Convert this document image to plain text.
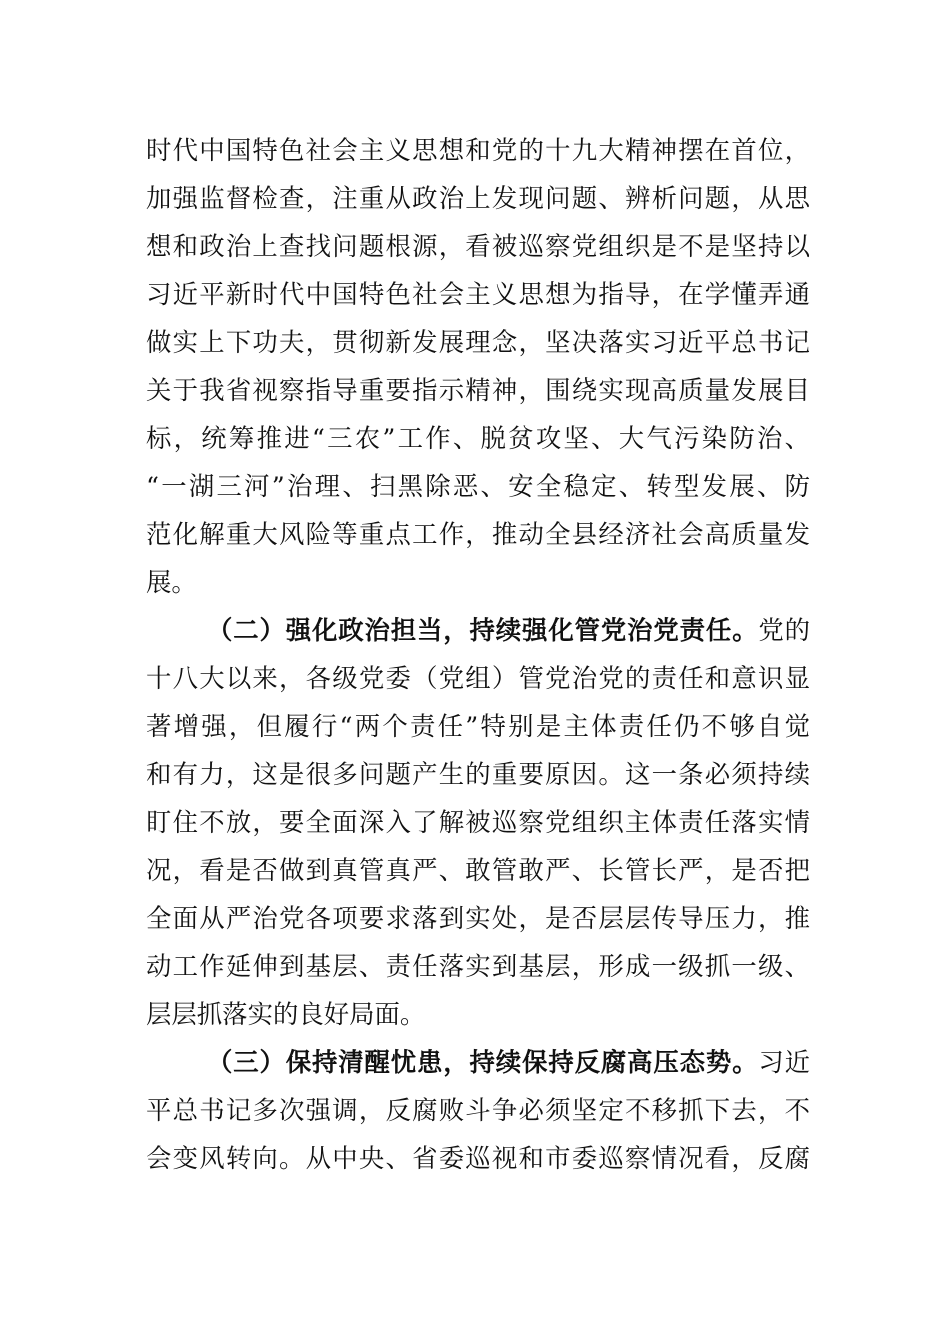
时代中国特色社会主义思想和党的十九大精神摆在首位，
加强监督检查，注重从政治上发现问题、辨析问题，从思
想和政治上查找问题根源，看被巡察党组织是不是坚持以
习近平新时代中国特色社会主义思想为指导，在学懂弄通
做实上下功夫，贯彻新发展理念，坚决落实习近平总书记
关于我省视察指导重要指示精神，围绕实现高质量发展目
标，统筹推进“三农”工作、脱贫攻坚、大气污染防治、
“一湖三河”治理、扫黑除恶、安全稳定、转型发展、防
范化解重大风险等重点工作，推动全县经济社会高质量发
展。
（二）强化政治担当，持续强化管党治党责任。党的
十八大以来，各级党委（党组）管党治党的责任和意识显
著增强，但履行“两个责任”特别是主体责任仍不够自觉
和有力，这是很多问题产生的重要原因。这一条必须持续
盯住不放，要全面深入了解被巡察党组织主体责任落实情
况，看是否做到真管真严、敢管敢严、长管长严，是否把
全面从严治党各项要求落到实处，是否层层传导压力，推
动工作延伸到基层、责任落实到基层，形成一级抓一级、
层层抓落实的良好局面。
（三）保持清醒忧患，持续保持反腐高压态势。习近
平总书记多次强调，反腐败斗争必须坚定不移抓下去，不
会变风转向。从中央、省委巡视和市委巡察情况看，反腐
